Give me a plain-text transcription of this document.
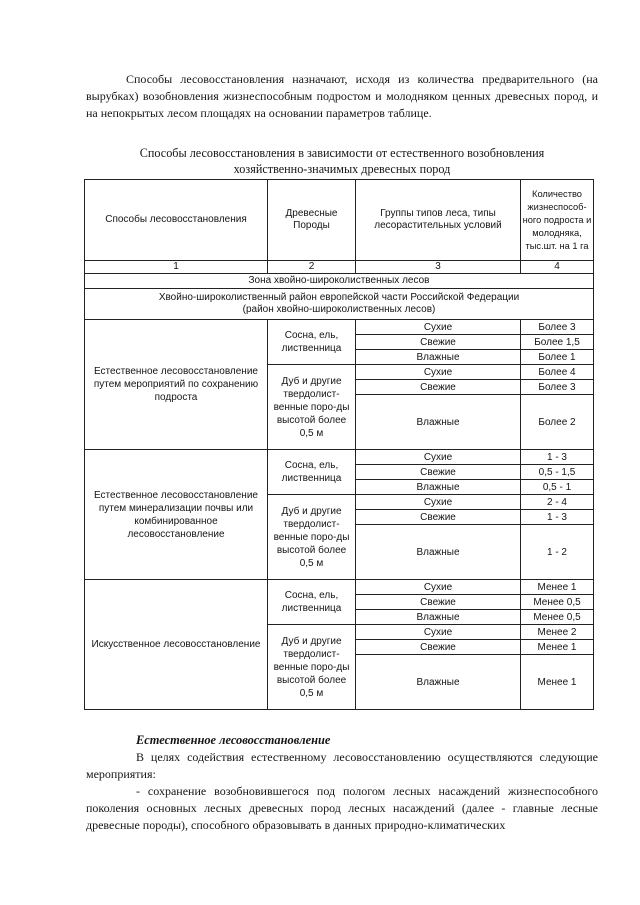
Способы лесовосстановления назначают, исходя из количества предварительного (на вырубках) возобновления жизнеспособным подростом и молодняком ценных древесных пород, и на непокрытых лесом площадях на основании параметров таблице.

Способы лесовосстановления в зависимости от естественного возобновления
хозяйственно-значимых древесных пород
Способы лесовосстановления	Древесные Породы	Группы типов леса, типы лесорастительных условий	Количество жизнеспособ-ного подроста и молодняка, тыс.шт. на 1 га
1	2	3	4
Зона хвойно-широколиственных лесов			

Хвойно-широколиственный район европейской части Российской Федерации
(район хвойно-широколиственных лесов)			

Естественное лесовосстановление путем мероприятий по сохранению подроста	Сосна, ель, лиственница	Сухие	Более 3
		Свежие	Более 1,5
		Влажные	Более 1
	Дуб и другие твердолист-венные поро-ды высотой более 0,5 м	Сухие	Более 4
		Свежие	Более 3
		Влажные	Более 2
Естественное лесовосстановление путем минерализации почвы или комбинированное лесовосстановление	Сосна, ель, лиственница	Сухие	1 - 3
		Свежие	0,5 - 1,5
		Влажные	0,5 - 1
	Дуб и другие твердолист-венные поро-ды высотой более 0,5 м	Сухие	2 - 4
		Свежие	1 - 3
		Влажные	1 - 2
Искусственное лесовосстановление	Сосна, ель, лиственница	Сухие	Менее 1
		Свежие	Менее 0,5
		Влажные	Менее 0,5
	Дуб и другие твердолист-венные поро-ды высотой более 0,5 м	Сухие	Менее 2
		Свежие	Менее 1
		Влажные	Менее 1

Естественное лесовосстановление

В целях содействия естественному лесовосстановлению осуществляются следующие мероприятия:

- сохранение возобновившегося под пологом лесных насаждений жизнеспособного поколения основных лесных древесных пород лесных насаждений (далее - главные лесные древесные породы), способного образовывать в данных природно-климатических
